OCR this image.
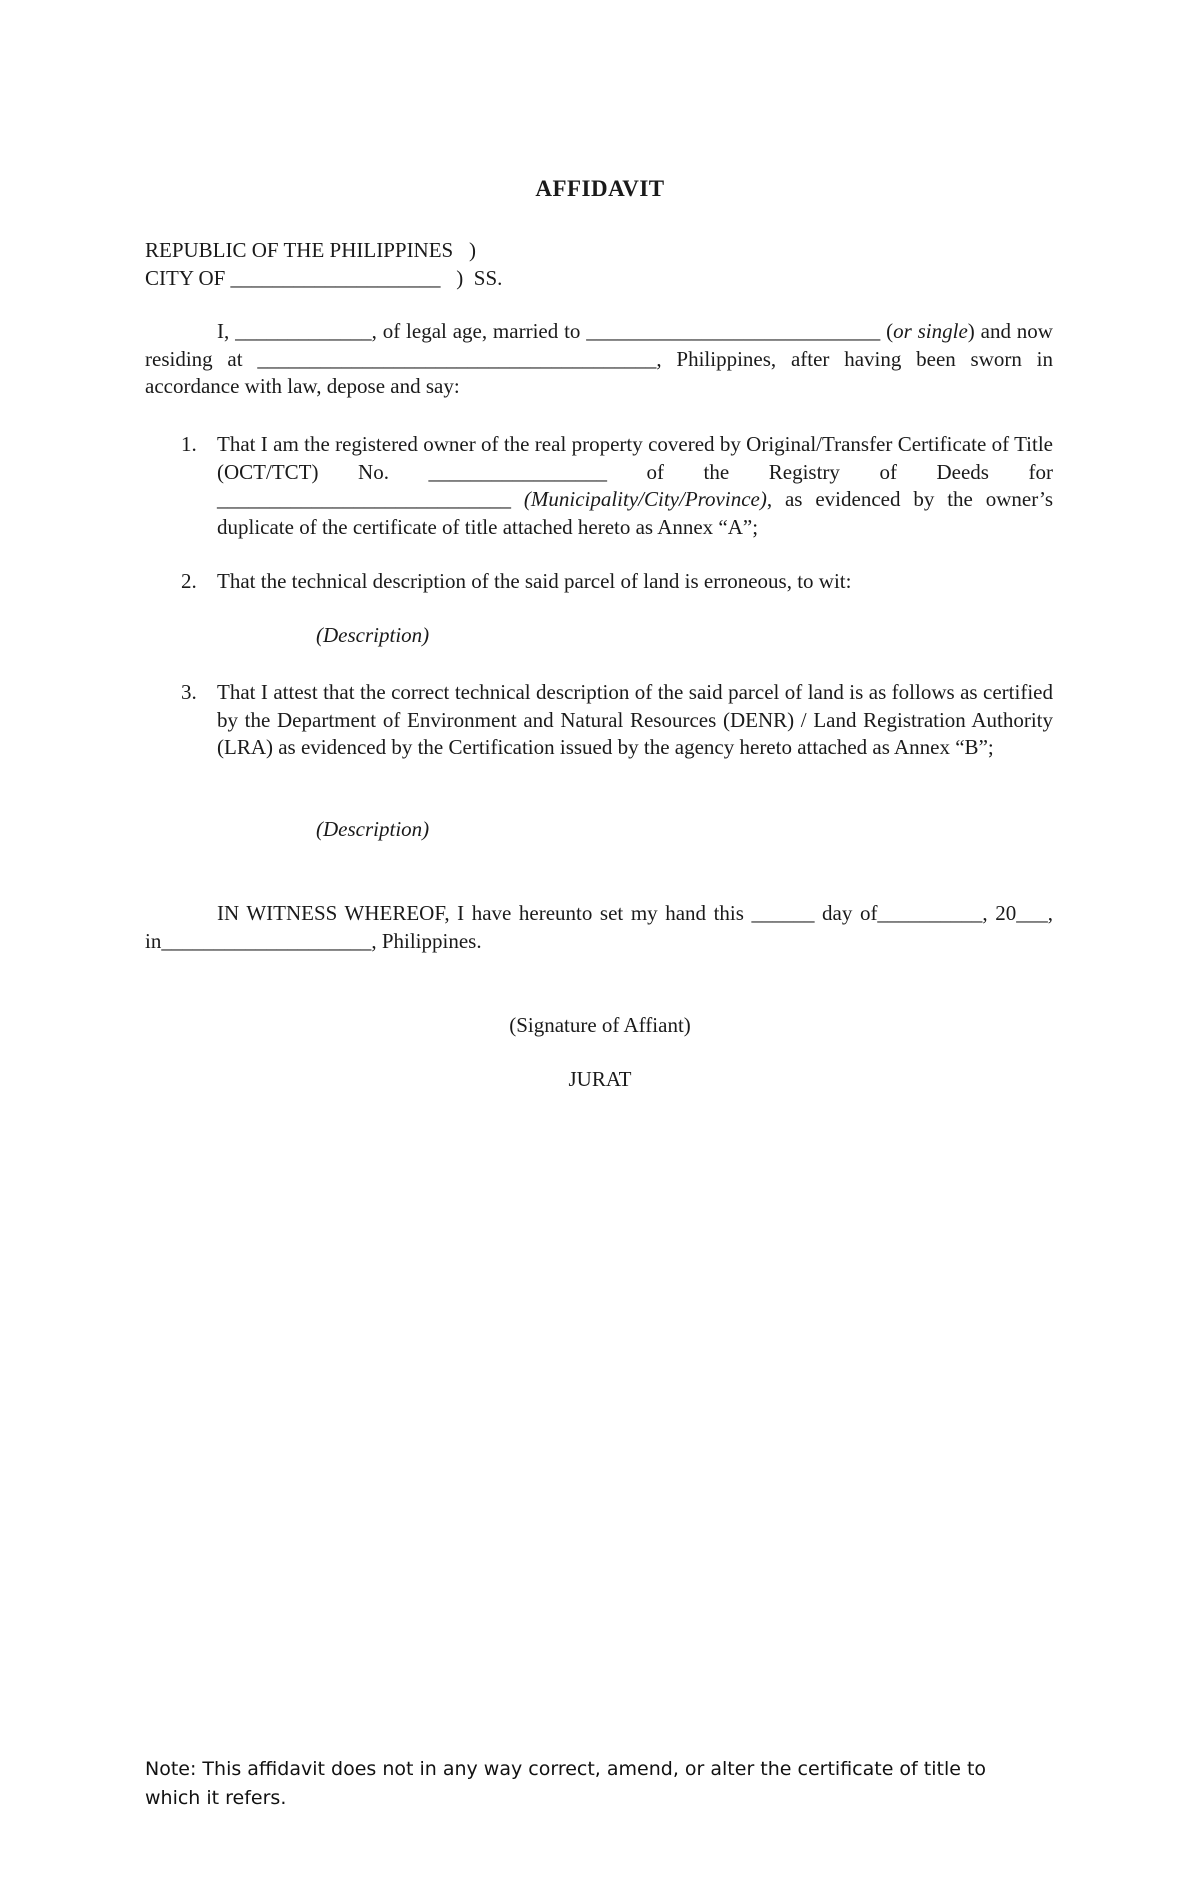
AFFIDAVIT
REPUBLIC OF THE PHILIPPINES   )
CITY OF ____________________   )  SS.
I, _____________, of legal age, married to ____________________________ (or single) and now residing at ______________________________________, Philippines, after having been sworn in accordance with law, depose and say:
1. That I am the registered owner of the real property covered by Original/Transfer Certificate of Title (OCT/TCT) No. _________________ of the Registry of Deeds for ____________________________ (Municipality/City/Province), as evidenced by the owner’s duplicate of the certificate of title attached hereto as Annex “A”;
2. That the technical description of the said parcel of land is erroneous, to wit:
(Description)
3. That I attest that the correct technical description of the said parcel of land is as follows as certified by the Department of Environment and Natural Resources (DENR) / Land Registration Authority (LRA) as evidenced by the Certification issued by the agency hereto attached as Annex “B”;
(Description)
IN WITNESS WHEREOF, I have hereunto set my hand this ______ day of__________, 20___, in____________________, Philippines.
(Signature of Affiant)
JURAT
Note: This affidavit does not in any way correct, amend, or alter the certificate of title to which it refers.
